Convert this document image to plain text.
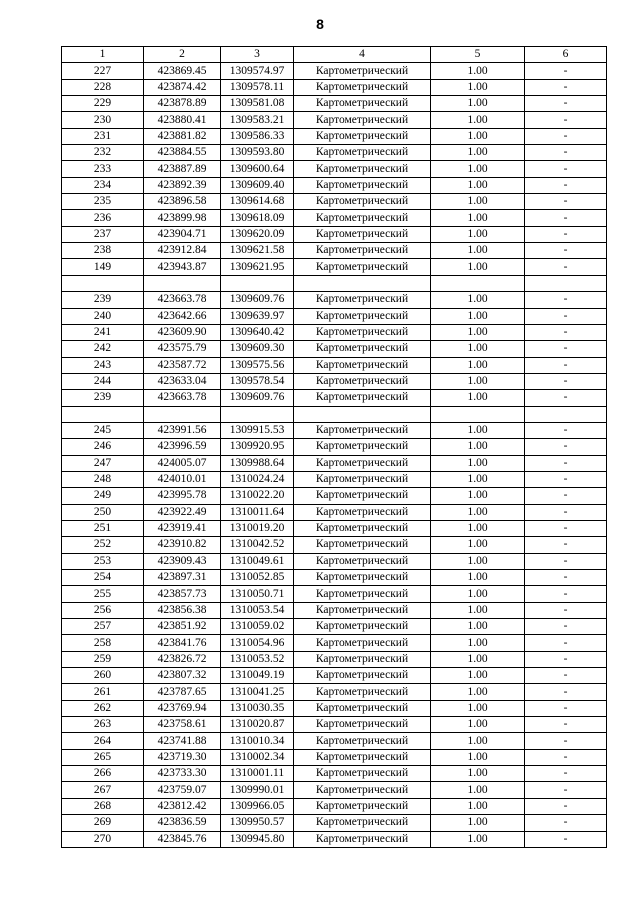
8
1	2	3	4	5	6
227	423869.45	1309574.97	Картометрический	1.00	-
228	423874.42	1309578.11	Картометрический	1.00	-
229	423878.89	1309581.08	Картометрический	1.00	-
230	423880.41	1309583.21	Картометрический	1.00	-
231	423881.82	1309586.33	Картометрический	1.00	-
232	423884.55	1309593.80	Картометрический	1.00	-
233	423887.89	1309600.64	Картометрический	1.00	-
234	423892.39	1309609.40	Картометрический	1.00	-
235	423896.58	1309614.68	Картометрический	1.00	-
236	423899.98	1309618.09	Картометрический	1.00	-
237	423904.71	1309620.09	Картометрический	1.00	-
238	423912.84	1309621.58	Картометрический	1.00	-
149	423943.87	1309621.95	Картометрический	1.00	-

239	423663.78	1309609.76	Картометрический	1.00	-
240	423642.66	1309639.97	Картометрический	1.00	-
241	423609.90	1309640.42	Картометрический	1.00	-
242	423575.79	1309609.30	Картометрический	1.00	-
243	423587.72	1309575.56	Картометрический	1.00	-
244	423633.04	1309578.54	Картометрический	1.00	-
239	423663.78	1309609.76	Картометрический	1.00	-

245	423991.56	1309915.53	Картометрический	1.00	-
246	423996.59	1309920.95	Картометрический	1.00	-
247	424005.07	1309988.64	Картометрический	1.00	-
248	424010.01	1310024.24	Картометрический	1.00	-
249	423995.78	1310022.20	Картометрический	1.00	-
250	423922.49	1310011.64	Картометрический	1.00	-
251	423919.41	1310019.20	Картометрический	1.00	-
252	423910.82	1310042.52	Картометрический	1.00	-
253	423909.43	1310049.61	Картометрический	1.00	-
254	423897.31	1310052.85	Картометрический	1.00	-
255	423857.73	1310050.71	Картометрический	1.00	-
256	423856.38	1310053.54	Картометрический	1.00	-
257	423851.92	1310059.02	Картометрический	1.00	-
258	423841.76	1310054.96	Картометрический	1.00	-
259	423826.72	1310053.52	Картометрический	1.00	-
260	423807.32	1310049.19	Картометрический	1.00	-
261	423787.65	1310041.25	Картометрический	1.00	-
262	423769.94	1310030.35	Картометрический	1.00	-
263	423758.61	1310020.87	Картометрический	1.00	-
264	423741.88	1310010.34	Картометрический	1.00	-
265	423719.30	1310002.34	Картометрический	1.00	-
266	423733.30	1310001.11	Картометрический	1.00	-
267	423759.07	1309990.01	Картометрический	1.00	-
268	423812.42	1309966.05	Картометрический	1.00	-
269	423836.59	1309950.57	Картометрический	1.00	-
270	423845.76	1309945.80	Картометрический	1.00	-
